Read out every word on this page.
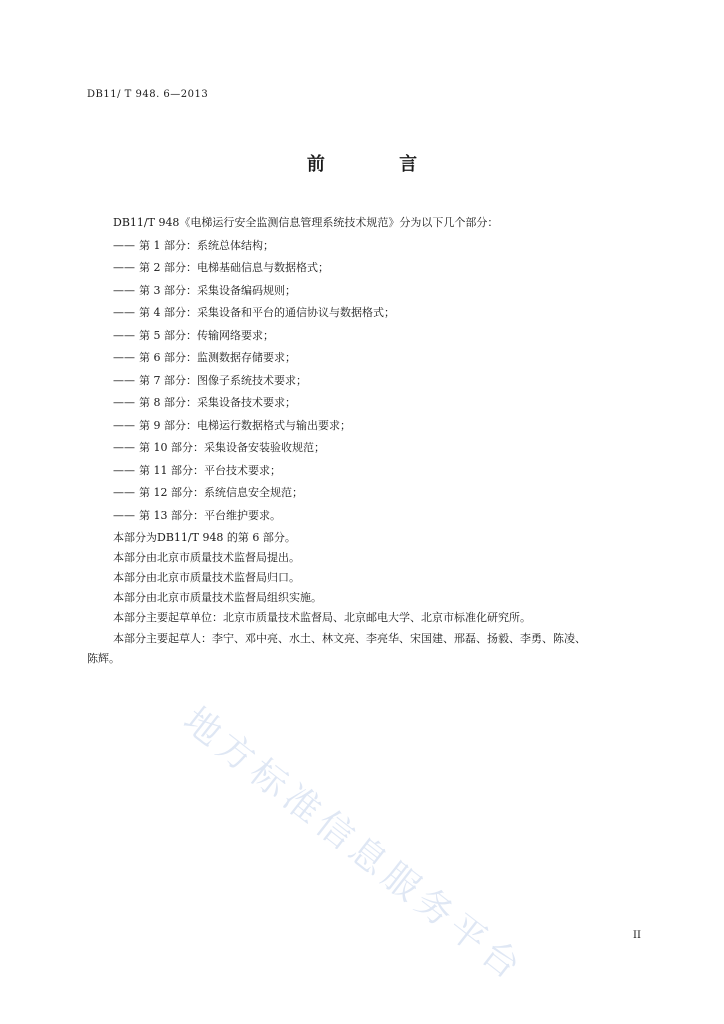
DB11/ T 948. 6—2013
前 言
DB11/T 948《电梯运行安全监测信息管理系统技术规范》分为以下几个部分：
—— 第 1 部分：系统总体结构；
—— 第 2 部分：电梯基础信息与数据格式；
—— 第 3 部分：采集设备编码规则；
—— 第 4 部分：采集设备和平台的通信协议与数据格式；
—— 第 5 部分：传输网络要求；
—— 第 6 部分：监测数据存储要求；
—— 第 7 部分：图像子系统技术要求；
—— 第 8 部分：采集设备技术要求；
—— 第 9 部分：电梯运行数据格式与输出要求；
—— 第 10 部分：采集设备安装验收规范；
—— 第 11 部分：平台技术要求；
—— 第 12 部分：系统信息安全规范；
—— 第 13 部分：平台维护要求。
本部分为DB11/T 948 的第 6 部分。
本部分由北京市质量技术监督局提出。
本部分由北京市质量技术监督局归口。
本部分由北京市质量技术监督局组织实施。
本部分主要起草单位：北京市质量技术监督局、北京邮电大学、北京市标准化研究所。
本部分主要起草人：李宁、邓中亮、水土、林文亮、李亮华、宋国建、邢磊、扬毅、李勇、陈凌、
陈辉。
地方标准信息服务平台	II
